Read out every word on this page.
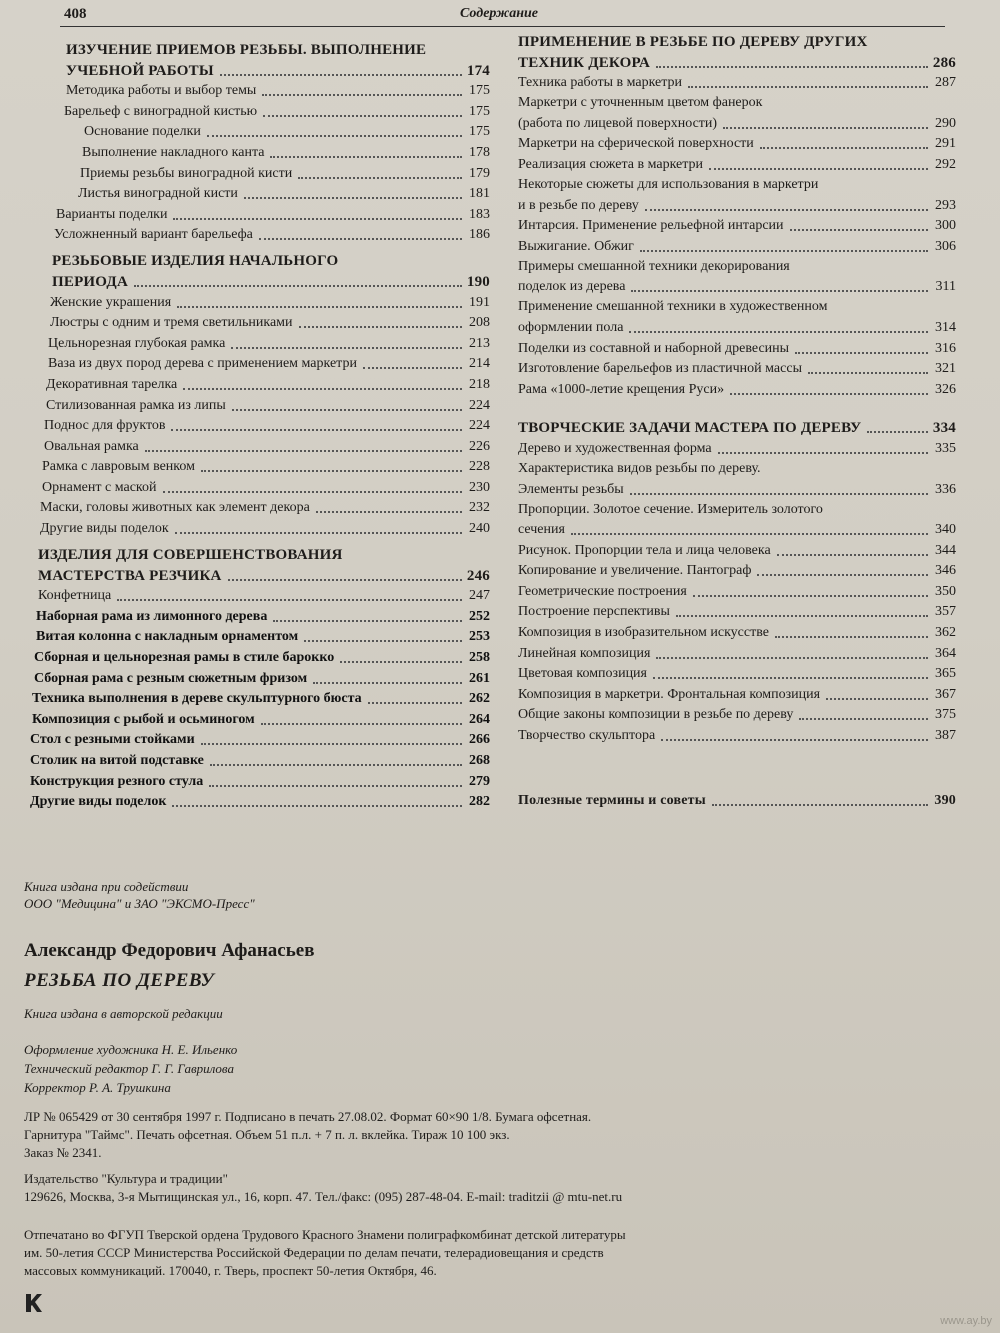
408	Содержание
ИЗУЧЕНИЕ ПРИЕМОВ РЕЗЬБЫ. ВЫПОЛНЕНИЕ
УЧЕБНОЙ РАБОТЫ	174
Методика работы и выбор темы	175
Барельеф с виноградной кистью	175
Основание поделки	175
Выполнение накладного канта	178
Приемы резьбы виноградной кисти	179
Листья виноградной кисти	181
Варианты поделки	183
Усложненный вариант барельефа	186
РЕЗЬБОВЫЕ ИЗДЕЛИЯ НАЧАЛЬНОГО
ПЕРИОДА	190
Женские украшения	191
Люстры с одним и тремя светильниками	208
Цельнорезная глубокая рамка	213
Ваза из двух пород дерева с применением маркетри	214
Декоративная тарелка	218
Стилизованная рамка из липы	224
Поднос для фруктов	224
Овальная рамка	226
Рамка с лавровым венком	228
Орнамент с маской	230
Маски, головы животных как элемент декора	232
Другие виды поделок	240
ИЗДЕЛИЯ ДЛЯ СОВЕРШЕНСТВОВАНИЯ
МАСТЕРСТВА РЕЗЧИКА	246
Конфетница	247
Наборная рама из лимонного дерева	252
Витая колонна с накладным орнаментом	253
Сборная и цельнорезная рамы в стиле барокко	258
Сборная рама с резным сюжетным фризом	261
Техника выполнения в дереве скульптурного бюста	262
Композиция с рыбой и осьминогом	264
Стол с резными стойками	266
Столик на витой подставке	268
Конструкция резного стула	279
Другие виды поделок	282
ПРИМЕНЕНИЕ В РЕЗЬБЕ ПО ДЕРЕВУ ДРУГИХ
ТЕХНИК ДЕКОРА	286
Техника работы в маркетри	287
Маркетри с уточненным цветом фанерок
(работа по лицевой поверхности)	290
Маркетри на сферической поверхности	291
Реализация сюжета в маркетри	292
Некоторые сюжеты для использования в маркетри
и в резьбе по дереву	293
Интарсия. Применение рельефной интарсии	300
Выжигание. Обжиг	306
Примеры смешанной техники декорирования
поделок из дерева	311
Применение смешанной техники в художественном
оформлении пола	314
Поделки из составной и наборной древесины	316
Изготовление барельефов из пластичной массы	321
Рама «1000-летие крещения Руси»	326
ТВОРЧЕСКИЕ ЗАДАЧИ МАСТЕРА ПО ДЕРЕВУ	334
Дерево и художественная форма	335
Характеристика видов резьбы по дереву.
Элементы резьбы	336
Пропорции. Золотое сечение. Измеритель золотого
сечения	340
Рисунок. Пропорции тела и лица человека	344
Копирование и увеличение. Пантограф	346
Геометрические построения	350
Построение перспективы	357
Композиция в изобразительном искусстве	362
Линейная композиция	364
Цветовая композиция	365
Композиция в маркетри. Фронтальная композиция	367
Общие законы композиции в резьбе по дереву	375
Творчество скульптора	387
Полезные термины и советы	390
Книга издана при содействии
ООО "Медицина" и ЗАО "ЭКСМО-Пресс"
Александр Федорович Афанасьев
РЕЗЬБА ПО ДЕРЕВУ
Книга издана в авторской редакции
Оформление художника Н. Е. Ильенко
Технический редактор Г. Г. Гаврилова
Корректор Р. А. Трушкина
ЛР № 065429 от 30 сентября 1997 г. Подписано в печать 27.08.02. Формат 60×90 1/8. Бумага офсетная.
Гарнитура "Таймс". Печать офсетная. Объем 51 п.л. + 7 п. л. вклейка. Тираж 10 100 экз.
Заказ № 2341.
Издательство "Культура и традиции"
129626, Москва, 3-я Мытищинская ул., 16, корп. 47. Тел./факс: (095) 287-48-04. E-mail: traditzii @ mtu-net.ru
Отпечатано во ФГУП Тверской ордена Трудового Красного Знамени полиграфкомбинат детской литературы
им. 50-летия СССР Министерства Российской Федерации по делам печати, телерадиовещания и средств
массовых коммуникаций. 170040, г. Тверь, проспект 50-летия Октября, 46.
www.ay.by
